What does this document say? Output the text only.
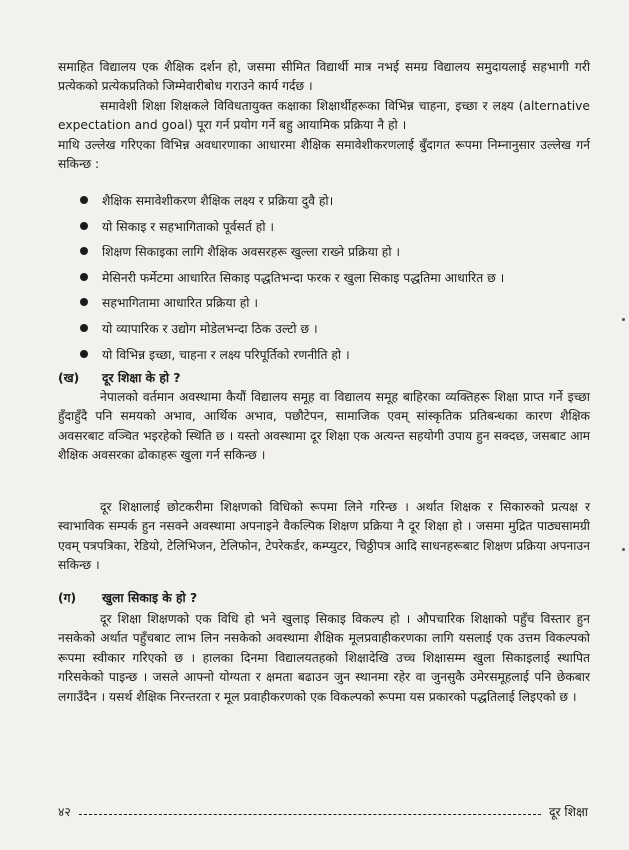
समाहित विद्यालय एक शैक्षिक दर्शन हो, जसमा सीमित विद्यार्थी मात्र नभई समग्र विद्यालय समुदायलाई सहभागी गरी प्रत्येकको प्रत्येकप्रतिको जिम्मेवारीबोध गराउने कार्य गर्दछ ।

समावेशी शिक्षा शिक्षकले विविधतायुक्त कक्षाका शिक्षार्थीहरूका विभिन्न चाहना, इच्छा र लक्ष्य (alternative expectation and goal) पूरा गर्न प्रयोग गर्ने बहु आयामिक प्रक्रिया नै हो ।

माथि उल्लेख गरिएका विभिन्न अवधारणाका आधारमा शैक्षिक समावेशीकरणलाई बुँदागत रूपमा निम्नानुसार उल्लेख गर्न सकिन्छ :

शैक्षिक समावेशीकरण शैक्षिक लक्ष्य र प्रक्रिया दुवै हो।
यो सिकाइ र सहभागिताको पूर्वसर्त हो ।
शिक्षण सिकाइका लागि शैक्षिक अवसरहरू खुल्ला राख्ने प्रक्रिया हो ।
मेसिनरी फर्मेटमा आधारित सिकाइ पद्धतिभन्दा फरक र खुला सिकाइ पद्धतिमा आधारित छ ।
सहभागितामा आधारित प्रक्रिया हो ।
यो व्यापारिक र उद्योग मोडेलभन्दा ठिक उल्टो छ ।
यो विभिन्न इच्छा, चाहना र लक्ष्य परिपूर्तिको रणनीति हो ।
(ख) दूर शिक्षा के हो ?

नेपालको वर्तमान अवस्थामा कैयौं विद्यालय समूह वा विद्यालय समूह बाहिरका व्यक्तिहरू शिक्षा प्राप्त गर्ने इच्छा हुँदाहुँदै पनि समयको अभाव, आर्थिक अभाव, पछौटेपन, सामाजिक एवम् सांस्कृतिक प्रतिबन्धका कारण शैक्षिक अवसरबाट वञ्चित भइरहेको स्थिति छ । यस्तो अवस्थामा दूर शिक्षा एक अत्यन्त सहयोगी उपाय हुन सक्दछ, जसबाट आम शैक्षिक अवसरका ढोकाहरू खुला गर्न सकिन्छ ।

दूर शिक्षालाई छोटकरीमा शिक्षणको विधिको रूपमा लिने गरिन्छ । अर्थात शिक्षक र सिकारुको प्रत्यक्ष र स्वाभाविक सम्पर्क हुन नसक्ने अवस्थामा अपनाइने वैकल्पिक शिक्षण प्रक्रिया नै दूर शिक्षा हो । जसमा मुद्रित पाठ्यसामग्री एवम् पत्रपत्रिका, रेडियो, टेलिभिजन, टेलिफोन, टेपरेकर्डर, कम्प्युटर, चिठ्ठीपत्र आदि साधनहरूबाट शिक्षण प्रक्रिया अपनाउन सकिन्छ ।

(ग) खुला सिकाइ के हो ?

दूर शिक्षा शिक्षणको एक विधि हो भने खुलाइ सिकाइ विकल्प हो । औपचारिक शिक्षाको पहुँच विस्तार हुन नसकेको अर्थात पहुँचबाट लाभ लिन नसकेको अवस्थामा शैक्षिक मूलप्रवाहीकरणका लागि यसलाई एक उत्तम विकल्पको रूपमा स्वीकार गरिएको छ । हालका दिनमा विद्यालयतहको शिक्षादेखि उच्च शिक्षासम्म खुला सिकाइलाई स्थापित गरिसकेको पाइन्छ । जसले आफ्नो योग्यता र क्षमता बढाउन जुन स्थानमा रहेर वा जुनसुकै उमेरसमूहलाई पनि छेकबार लगाउँदैन । यसर्थ शैक्षिक निरन्तरता र मूल प्रवाहीकरणको एक विकल्पको रूपमा यस प्रकारको पद्धतिलाई लिइएको छ ।

४२	दूर शिक्षा
